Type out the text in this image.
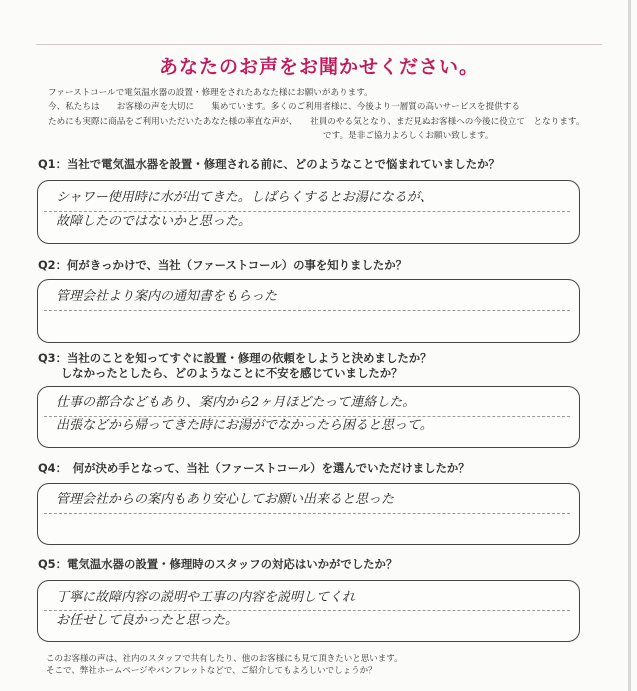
あなたのお声をお聞かせください。
ファーストコールで電気温水器の設置・修理をされたあなた様にお願いがあります。
今、私たちは　　お客様の声を大切に　　集めています。多くのご利用者様に、今後より一層質の高いサービスを提供する
ためにも実際に商品をご利用いただいたあなた様の率直な声が、　　社員のやる気となり、まだ見ぬお客様への今後に役立て　となります。
　　　　　　　　　　　　　　　　　　　　　　　　　　　　　　　　です。是非ご協力よろしくお願い致します。
Q1：当社で電気温水器を設置・修理される前に、どのようなことで悩まれていましたか？
シャワー使用時に水が出てきた。しばらくするとお湯になるが、
故障したのではないかと思った。
Q2：何がきっかけで、当社（ファーストコール）の事を知りましたか？
管理会社より案内の通知書をもらった
Q3：当社のことを知ってすぐに設置・修理の依頼をしようと決めましたか？
　　しなかったとしたら、どのようなことに不安を感じていましたか？
仕事の都合などもあり、案内から2ヶ月ほどたって連絡した。
出張などから帰ってきた時にお湯がでなかったら困ると思って。
Q4：　何が決め手となって、当社（ファーストコール）を選んでいただけましたか？
管理会社からの案内もあり安心してお願い出来ると思った
Q5：電気温水器の設置・修理時のスタッフの対応はいかがでしたか？
丁寧に故障内容の説明や工事の内容を説明してくれ
お任せして良かったと思った。
このお客様の声は、社内のスタッフで共有したり、他のお客様にも見て頂きたいと思います。
そこで、弊社ホームページやパンフレットなどで、ご紹介してもよろしいでしょうか？
